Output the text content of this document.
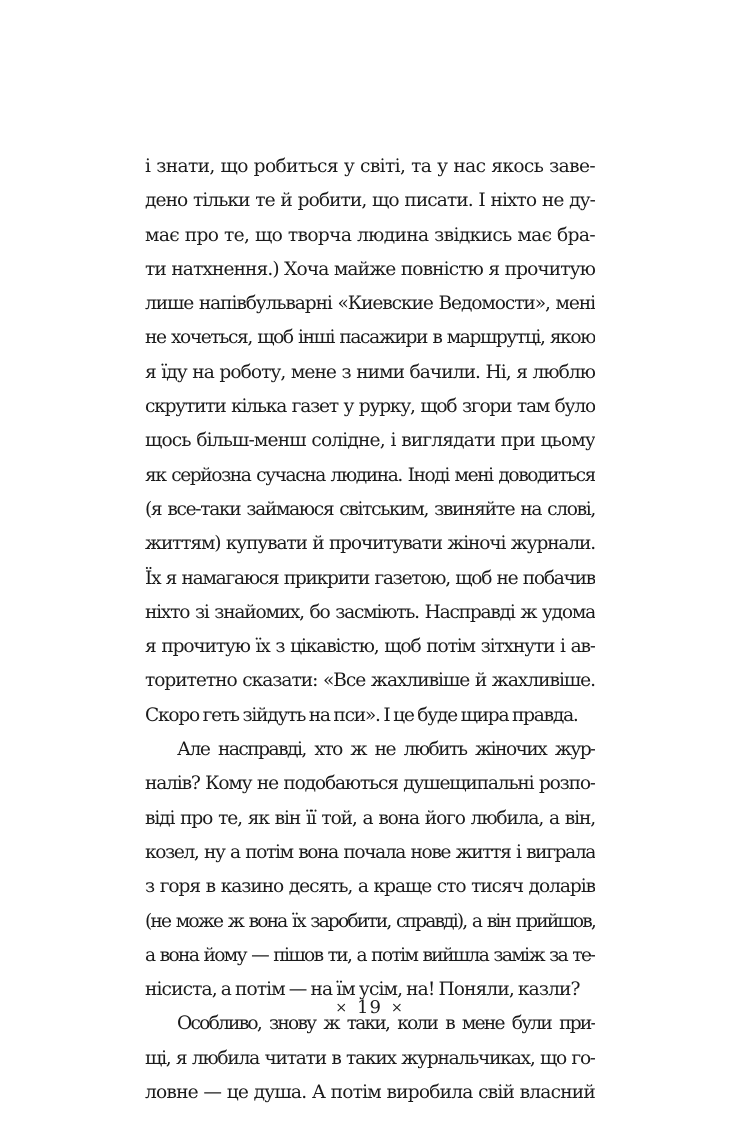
і знати, що робиться у світі, та у нас якось заве-
дено тільки те й робити, що писати. І ніхто не ду-
має про те, що творча людина звідкись має бра-
ти натхнення.) Хоча майже повністю я прочитую
лише напівбульварні «Киевские Ведомости», мені
не хочеться, щоб інші пасажири в маршрутці, якою
я їду на роботу, мене з ними бачили. Ні, я люблю
скрутити кілька газет у рурку, щоб згори там було
щось більш-менш солідне, і виглядати при цьому
як серйозна сучасна людина. Іноді мені доводиться
(я все-таки займаюся світським, звиняйте на слові,
життям) купувати й прочитувати жіночі журнали.
Їх я намагаюся прикрити газетою, щоб не побачив
ніхто зі знайомих, бо засміють. Насправді ж удома
я прочитую їх з цікавістю, щоб потім зітхнути і ав-
торитетно сказати: «Все жахливіше й жахливіше.
Скоро геть зійдуть на пси». І це буде щира правда.
Але насправді, хто ж не любить жіночих жур-
налів? Кому не подобаються душещипальні розпо-
віді про те, як він її той, а вона його любила, а він,
козел, ну а потім вона почала нове життя і виграла
з горя в казино десять, а краще сто тисяч доларів
(не може ж вона їх заробити, справді), а він прийшов,
а вона йому — пішов ти, а потім вийшла заміж за те-
нісиста, а потім — на їм усім, на! Поняли, казли?
Особливо, знову ж таки, коли в мене були при-
щі, я любила читати в таких журнальчиках, що го-
ловне — це душа. А потім виробила свій власний
× 19 ×
